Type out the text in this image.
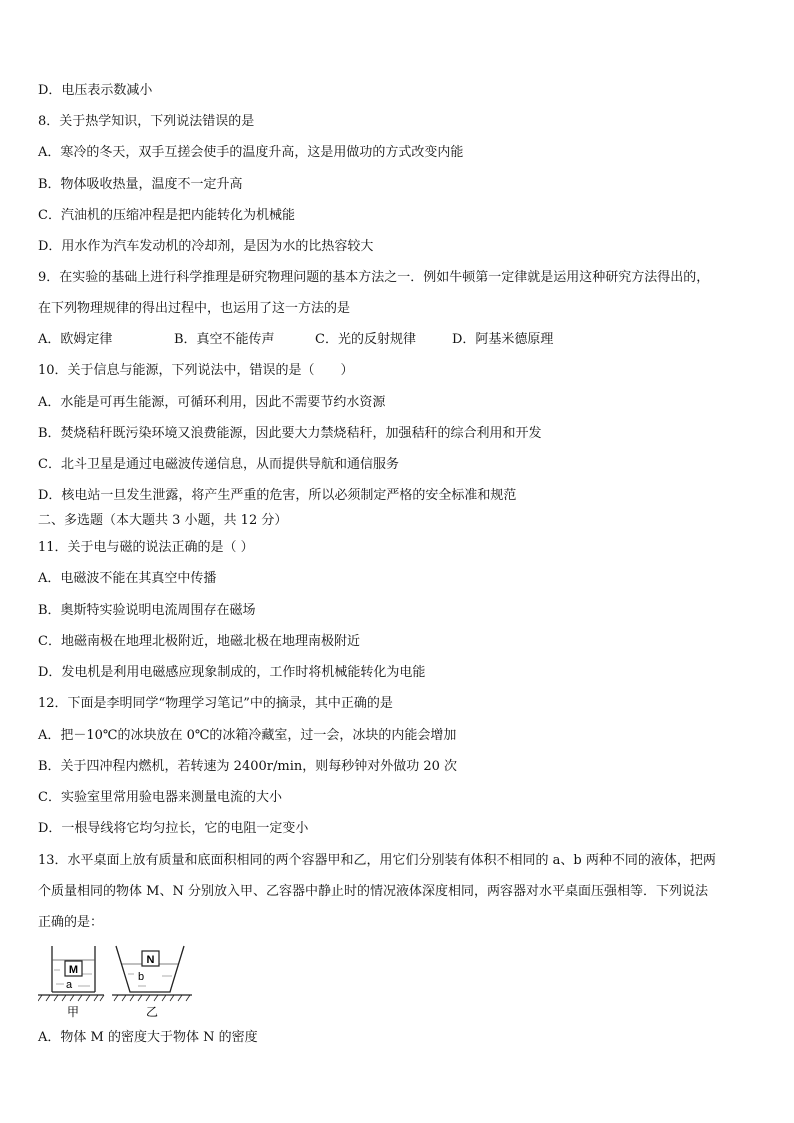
D．电压表示数减小
8．关于热学知识，下列说法错误的是
A．寒冷的冬天，双手互搓会使手的温度升高，这是用做功的方式改变内能
B．物体吸收热量，温度不一定升高
C．汽油机的压缩冲程是把内能转化为机械能
D．用水作为汽车发动机的冷却剂，是因为水的比热容较大
9．在实验的基础上进行科学推理是研究物理问题的基本方法之一．例如牛顿第一定律就是运用这种研究方法得出的，
在下列物理规律的得出过程中，也运用了这一方法的是
A．欧姆定律	B．真空不能传声	C．光的反射规律	D．阿基米德原理
10．关于信息与能源，下列说法中，错误的是（　　）
A．水能是可再生能源，可循环利用，因此不需要节约水资源
B．焚烧秸秆既污染环境又浪费能源，因此要大力禁烧秸秆，加强秸秆的综合利用和开发
C．北斗卫星是通过电磁波传递信息，从而提供导航和通信服务
D．核电站一旦发生泄露，将产生严重的危害，所以必须制定严格的安全标准和规范
二、多选题（本大题共 3 小题，共 12 分）
11．关于电与磁的说法正确的是（ ）
A．电磁波不能在其真空中传播
B．奥斯特实验说明电流周围存在磁场
C．地磁南极在地理北极附近，地磁北极在地理南极附近
D．发电机是利用电磁感应现象制成的，工作时将机械能转化为电能
12．下面是李明同学“物理学习笔记”中的摘录，其中正确的是
A．把－10℃的冰块放在 0℃的冰箱冷藏室，过一会，冰块的内能会增加
B．关于四冲程内燃机，若转速为 2400r/min，则每秒钟对外做功 20 次
C．实验室里常用验电器来测量电流的大小
D．一根导线将它均匀拉长，它的电阻一定变小
13．水平桌面上放有质量和底面积相同的两个容器甲和乙，用它们分别装有体积不相同的 a、b 两种不同的液体，把两
个质量相同的物体 M、N 分别放入甲、乙容器中静止时的情况液体深度相同，两容器对水平桌面压强相等．下列说法
正确的是：
M
a
甲
N
b
乙
A．物体 M 的密度大于物体 N 的密度
